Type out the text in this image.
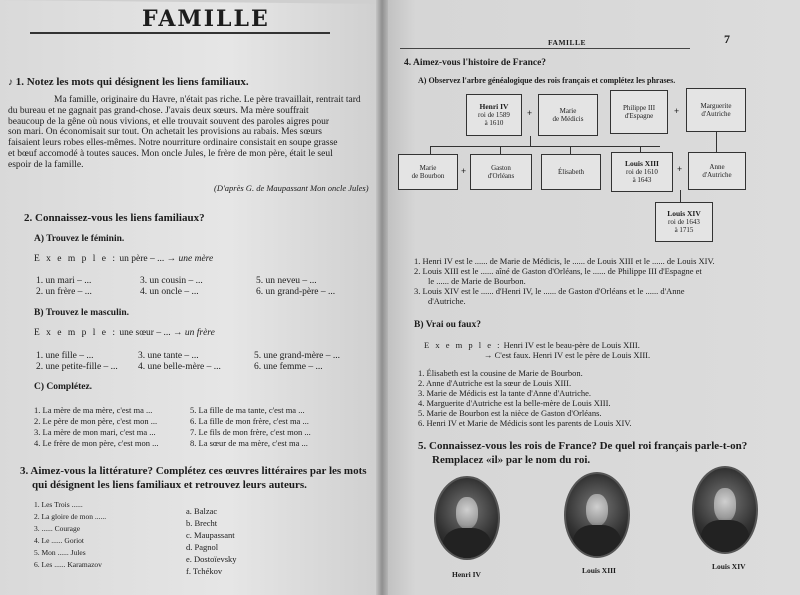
FAMILLE
♪ 1. Notez les mots qui désignent les liens familiaux.
Ma famille, originaire du Havre, n'était pas riche. Le père travaillait, rentrait tard
du bureau et ne gagnait pas grand-chose. J'avais deux sœurs. Ma mère souffrait
beaucoup de la gêne où nous vivions, et elle trouvait souvent des paroles aigres pour
son mari. On économisait sur tout. On achetait les provisions au rabais. Mes sœurs
faisaient leurs robes elles-mêmes. Notre nourriture ordinaire consistait en soupe grasse
et bœuf accomodé à toutes sauces. Mon oncle Jules, le frère de mon père, était le seul
espoir de la famille.
(D'après G. de Maupassant Mon oncle Jules)
2. Connaissez-vous les liens familiaux?
A) Trouvez le féminin.
E x e m p l e : un père – ... → une mère
1. un mari – ...	3. un cousin – ...	5. un neveu – ...
2. un frère – ...	4. un oncle – ...	6. un grand-père – ...
B) Trouvez le masculin.
E x e m p l e : une sœur – ... → un frère
1. une fille – ...	3. une tante – ...	5. une grand-mère – ...
2. une petite-fille – ... 4. une belle-mère – ...	6. une femme – ...
C) Complétez.
1. La mère de ma mère, c'est ma ...	5. La fille de ma tante, c'est ma ...
2. Le père de mon père, c'est mon ...	6. La fille de mon frère, c'est ma ...
3. La mère de mon mari, c'est ma ...	7. Le fils de mon frère, c'est mon ...
4. Le frère de mon père, c'est mon ...	8. La sœur de ma mère, c'est ma ...
3. Aimez-vous la littérature? Complétez ces œuvres littéraires par les mots
qui désignent les liens familiaux et retrouvez leurs auteurs.
1. Les Trois ......
2. La gloire de mon ......
3. ...... Courage
4. Le ...... Goriot
5. Mon ...... Jules
6. Les ...... Karamazov
a. Balzac
b. Brecht
c. Maupassant
d. Pagnol
e. Dostoïevsky
f. Tchékov
FAMILLE	7
4. Aimez-vous l'histoire de France?
A) Observez l'arbre généalogique des rois français et complétez les phrases.
Henri IV
roi de 1589
à 1610
+	Marie
de Médicis
Philippe III
d'Espagne +	Marguerite
d'Autriche
Marie
de Bourbon +	Gaston
d'Orléans	Élisabeth
Louis XIII
roi de 1610
à 1643
+	Anne
d'Autriche
Louis XIV
roi de 1643
à 1715
1. Henri IV est le ...... de Marie de Médicis, le ...... de Louis XIII et le ...... de Louis XIV.
2. Louis XIII est le ...... aîné de Gaston d'Orléans, le ...... de Philippe III d'Espagne et
le ...... de Marie de Bourbon.
3. Louis XIV est le ...... d'Henri IV, le ...... de Gaston d'Orléans et le ...... d'Anne
d'Autriche.
B) Vrai ou faux?
E x e m p l e : Henri IV est le beau-père de Louis XIII.
→ C'est faux. Henri IV est le père de Louis XIII.
1. Élisabeth est la cousine de Marie de Bourbon.
2. Anne d'Autriche est la sœur de Louis XIII.
3. Marie de Médicis est la tante d'Anne d'Autriche.
4. Marguerite d'Autriche est la belle-mère de Louis XIII.
5. Marie de Bourbon est la nièce de Gaston d'Orléans.
6. Henri IV et Marie de Médicis sont les parents de Louis XIV.
5. Connaissez-vous les rois de France? De quel roi français parle-t-on?
Remplacez «il» par le nom du roi.
Henri IV	Louis XIII	Louis XIV
